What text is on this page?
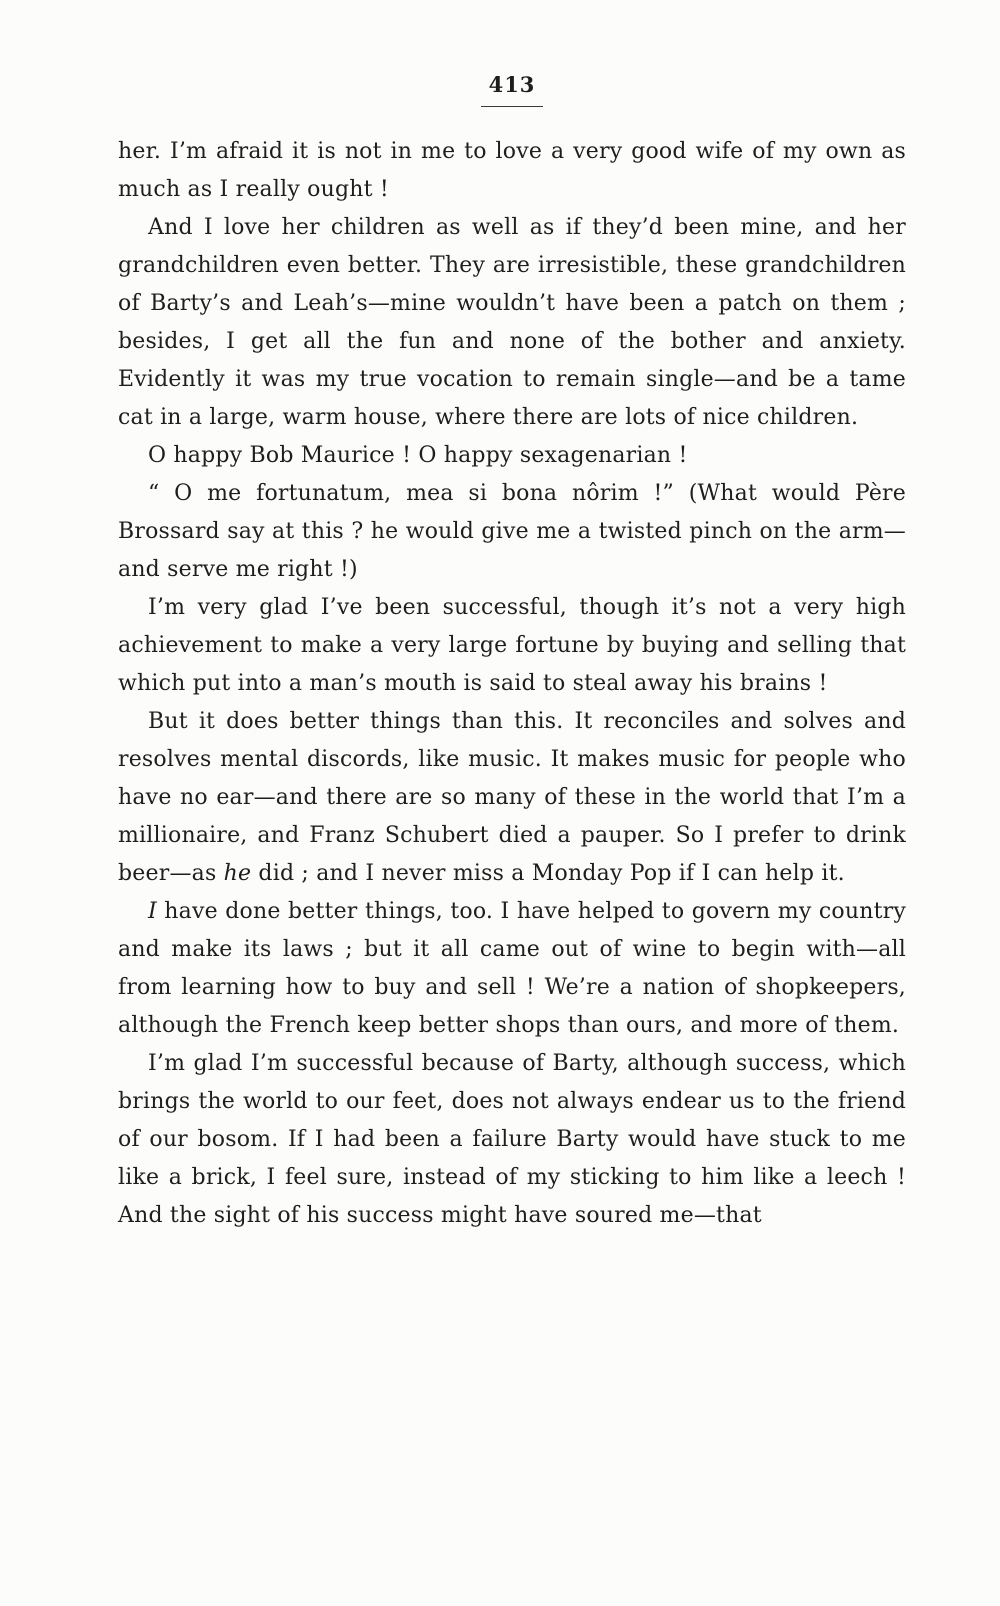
413

her. I’m afraid it is not in me to love a very good wife of my own as much as I really ought !

And I love her children as well as if they’d been mine, and her grandchildren even better. They are irresistible, these grandchildren of Barty’s and Leah’s—mine wouldn’t have been a patch on them ; besides, I get all the fun and none of the bother and anxiety. Evidently it was my true vocation to remain single—and be a tame cat in a large, warm house, where there are lots of nice children.

O happy Bob Maurice ! O happy sexagenarian !

“ O me fortunatum, mea si bona nôrim !” (What would Père Brossard say at this ? he would give me a twisted pinch on the arm—and serve me right !)

I’m very glad I’ve been successful, though it’s not a very high achievement to make a very large fortune by buying and selling that which put into a man’s mouth is said to steal away his brains !

But it does better things than this. It reconciles and solves and resolves mental discords, like music. It makes music for people who have no ear—and there are so many of these in the world that I’m a millionaire, and Franz Schubert died a pauper. So I prefer to drink beer—as he did ; and I never miss a Monday Pop if I can help it.

I have done better things, too. I have helped to govern my country and make its laws ; but it all came out of wine to begin with—all from learning how to buy and sell ! We’re a nation of shopkeepers, although the French keep better shops than ours, and more of them.

I’m glad I’m successful because of Barty, although success, which brings the world to our feet, does not always endear us to the friend of our bosom. If I had been a failure Barty would have stuck to me like a brick, I feel sure, instead of my sticking to him like a leech ! And the sight of his success might have soured me—that
